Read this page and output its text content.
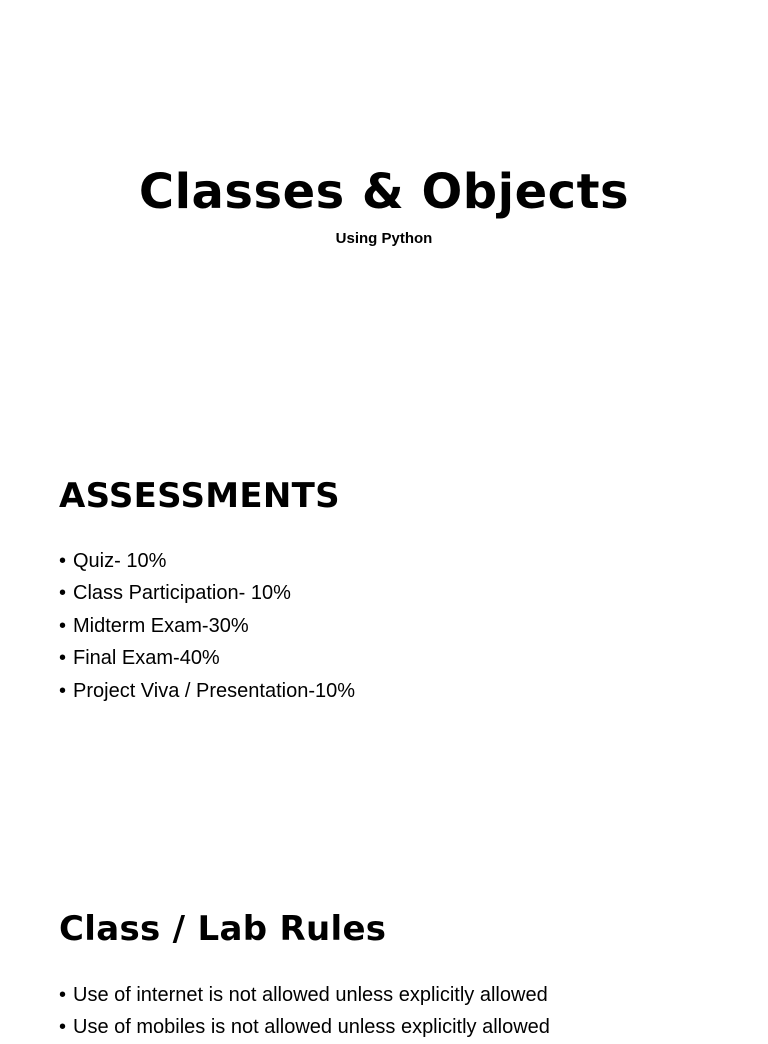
Classes & Objects

Using Python

ASSESSMENTS
• Quiz- 10%
• Class Participation- 10%
• Midterm Exam-30%
• Final Exam-40%
• Project Viva / Presentation-10%
Class / Lab Rules
• Use of internet is not allowed unless explicitly allowed
• Use of mobiles is not allowed unless explicitly allowed
